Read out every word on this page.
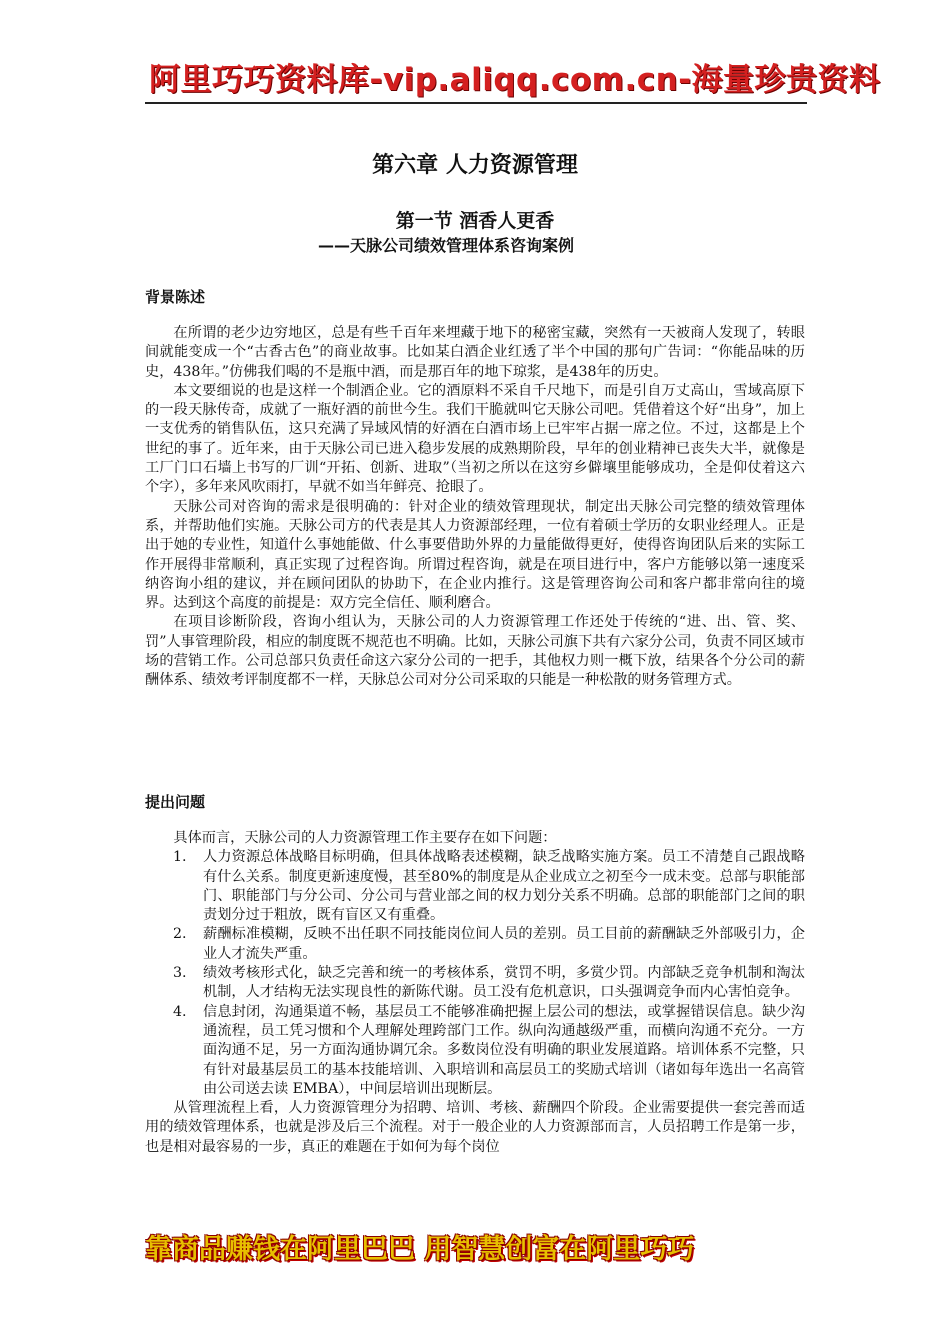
阿里巧巧资料库-vip.aliqq.com.cn-海量珍贵资料
第六章 人力资源管理
第一节 酒香人更香
——天脉公司绩效管理体系咨询案例
背景陈述

在所谓的老少边穷地区，总是有些千百年来埋藏于地下的秘密宝藏，突然有一天被商人发现了，转眼间就能变成一个“古香古色”的商业故事。比如某白酒企业红透了半个中国的那句广告词：“你能品味的历史，438年。”仿佛我们喝的不是瓶中酒，而是那百年的地下琼浆，是438年的历史。

本文要细说的也是这样一个制酒企业。它的酒原料不采自千尺地下，而是引自万丈高山，雪域高原下的一段天脉传奇，成就了一瓶好酒的前世今生。我们干脆就叫它天脉公司吧。凭借着这个好“出身”，加上一支优秀的销售队伍，这只充满了异域风情的好酒在白酒市场上已牢牢占据一席之位。不过，这都是上个世纪的事了。近年来，由于天脉公司已进入稳步发展的成熟期阶段，早年的创业精神已丧失大半，就像是工厂门口石墙上书写的厂训“开拓、创新、进取”（当初之所以在这穷乡僻壤里能够成功，全是仰仗着这六个字），多年来风吹雨打，早就不如当年鲜亮、抢眼了。

天脉公司对咨询的需求是很明确的：针对企业的绩效管理现状，制定出天脉公司完整的绩效管理体系，并帮助他们实施。天脉公司方的代表是其人力资源部经理，一位有着硕士学历的女职业经理人。正是出于她的专业性，知道什么事她能做、什么事要借助外界的力量能做得更好，使得咨询团队后来的实际工作开展得非常顺利，真正实现了过程咨询。所谓过程咨询，就是在项目进行中，客户方能够以第一速度采纳咨询小组的建议，并在顾问团队的协助下，在企业内推行。这是管理咨询公司和客户都非常向往的境界。达到这个高度的前提是：双方完全信任、顺利磨合。

在项目诊断阶段，咨询小组认为，天脉公司的人力资源管理工作还处于传统的“进、出、管、奖、罚”人事管理阶段，相应的制度既不规范也不明确。比如，天脉公司旗下共有六家分公司，负责不同区域市场的营销工作。公司总部只负责任命这六家分公司的一把手，其他权力则一概下放，结果各个分公司的薪酬体系、绩效考评制度都不一样，天脉总公司对分公司采取的只能是一种松散的财务管理方式。

提出问题

具体而言，天脉公司的人力资源管理工作主要存在如下问题：

1. 人力资源总体战略目标明确，但具体战略表述模糊，缺乏战略实施方案。员工不清楚自己跟战略有什么关系。制度更新速度慢，甚至80%的制度是从企业成立之初至今一成未变。总部与职能部门、职能部门与分公司、分公司与营业部之间的权力划分关系不明确。总部的职能部门之间的职责划分过于粗放，既有盲区又有重叠。
2. 薪酬标准模糊，反映不出任职不同技能岗位间人员的差别。员工目前的薪酬缺乏外部吸引力，企业人才流失严重。
3. 绩效考核形式化，缺乏完善和统一的考核体系，赏罚不明，多赏少罚。内部缺乏竞争机制和淘汰机制，人才结构无法实现良性的新陈代谢。员工没有危机意识，口头强调竞争而内心害怕竞争。
4. 信息封闭，沟通渠道不畅，基层员工不能够准确把握上层公司的想法，或掌握错误信息。缺少沟通流程，员工凭习惯和个人理解处理跨部门工作。纵向沟通越级严重，而横向沟通不充分。一方面沟通不足，另一方面沟通协调冗余。多数岗位没有明确的职业发展道路。培训体系不完整，只有针对最基层员工的基本技能培训、入职培训和高层员工的奖励式培训（诸如每年选出一名高管由公司送去读 EMBA），中间层培训出现断层。

从管理流程上看，人力资源管理分为招聘、培训、考核、薪酬四个阶段。企业需要提供一套完善而适用的绩效管理体系，也就是涉及后三个流程。对于一般企业的人力资源部而言，人员招聘工作是第一步，也是相对最容易的一步，真正的难题在于如何为每个岗位

靠商品赚钱在阿里巴巴 用智慧创富在阿里巧巧
